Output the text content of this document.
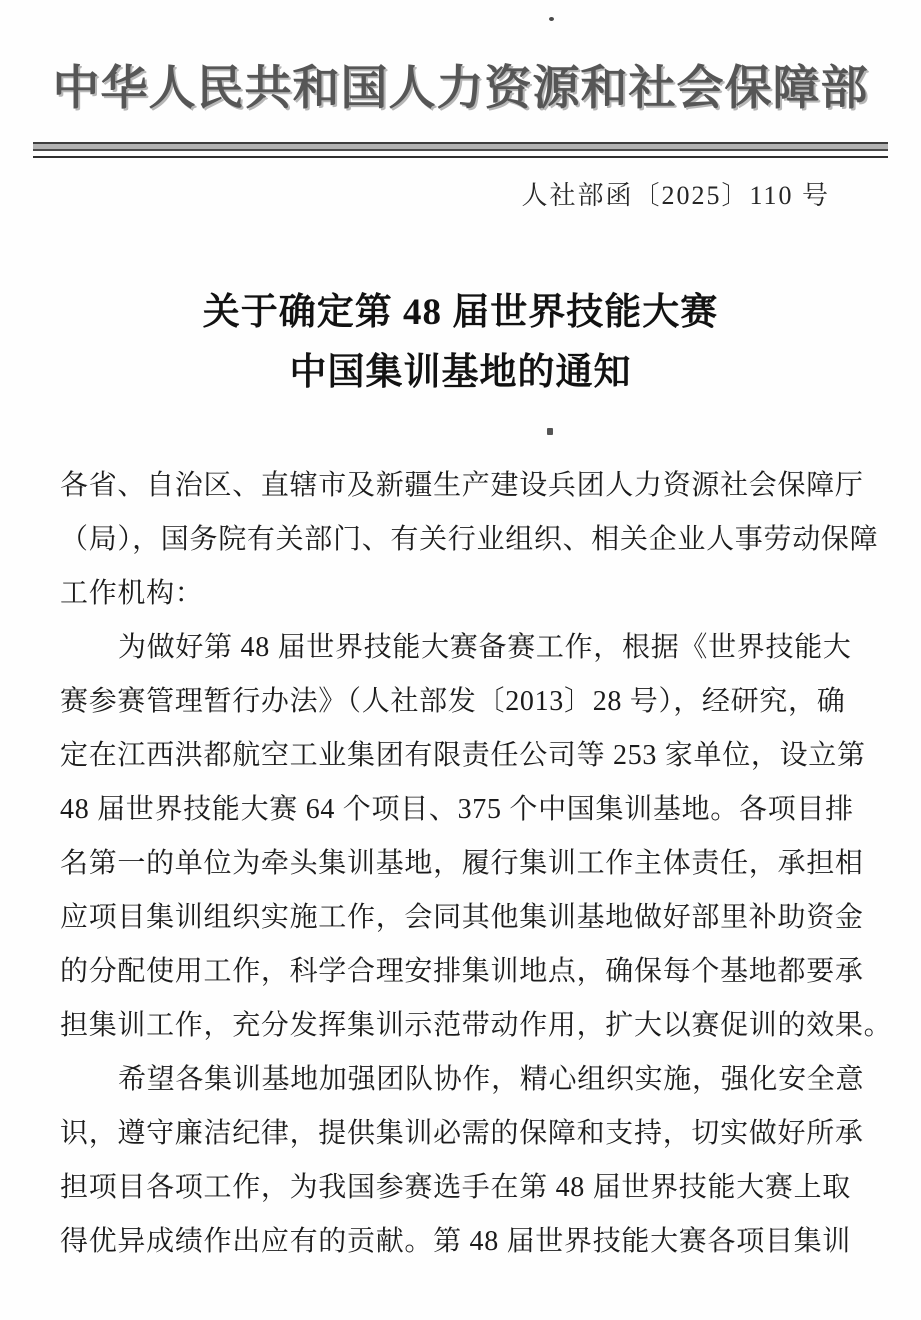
中华人民共和国人力资源和社会保障部
人社部函〔2025〕110 号
关于确定第 48 届世界技能大赛
中国集训基地的通知
各省、自治区、直辖市及新疆生产建设兵团人力资源社会保障厅
（局），国务院有关部门、有关行业组织、相关企业人事劳动保障
工作机构：
为做好第 48 届世界技能大赛备赛工作，根据《世界技能大
赛参赛管理暂行办法》（人社部发〔2013〕28 号），经研究，确
定在江西洪都航空工业集团有限责任公司等 253 家单位，设立第
48 届世界技能大赛 64 个项目、375 个中国集训基地。各项目排
名第一的单位为牵头集训基地，履行集训工作主体责任，承担相
应项目集训组织实施工作，会同其他集训基地做好部里补助资金
的分配使用工作，科学合理安排集训地点，确保每个基地都要承
担集训工作，充分发挥集训示范带动作用，扩大以赛促训的效果。
希望各集训基地加强团队协作，精心组织实施，强化安全意
识，遵守廉洁纪律，提供集训必需的保障和支持，切实做好所承
担项目各项工作，为我国参赛选手在第 48 届世界技能大赛上取
得优异成绩作出应有的贡献。第 48 届世界技能大赛各项目集训
